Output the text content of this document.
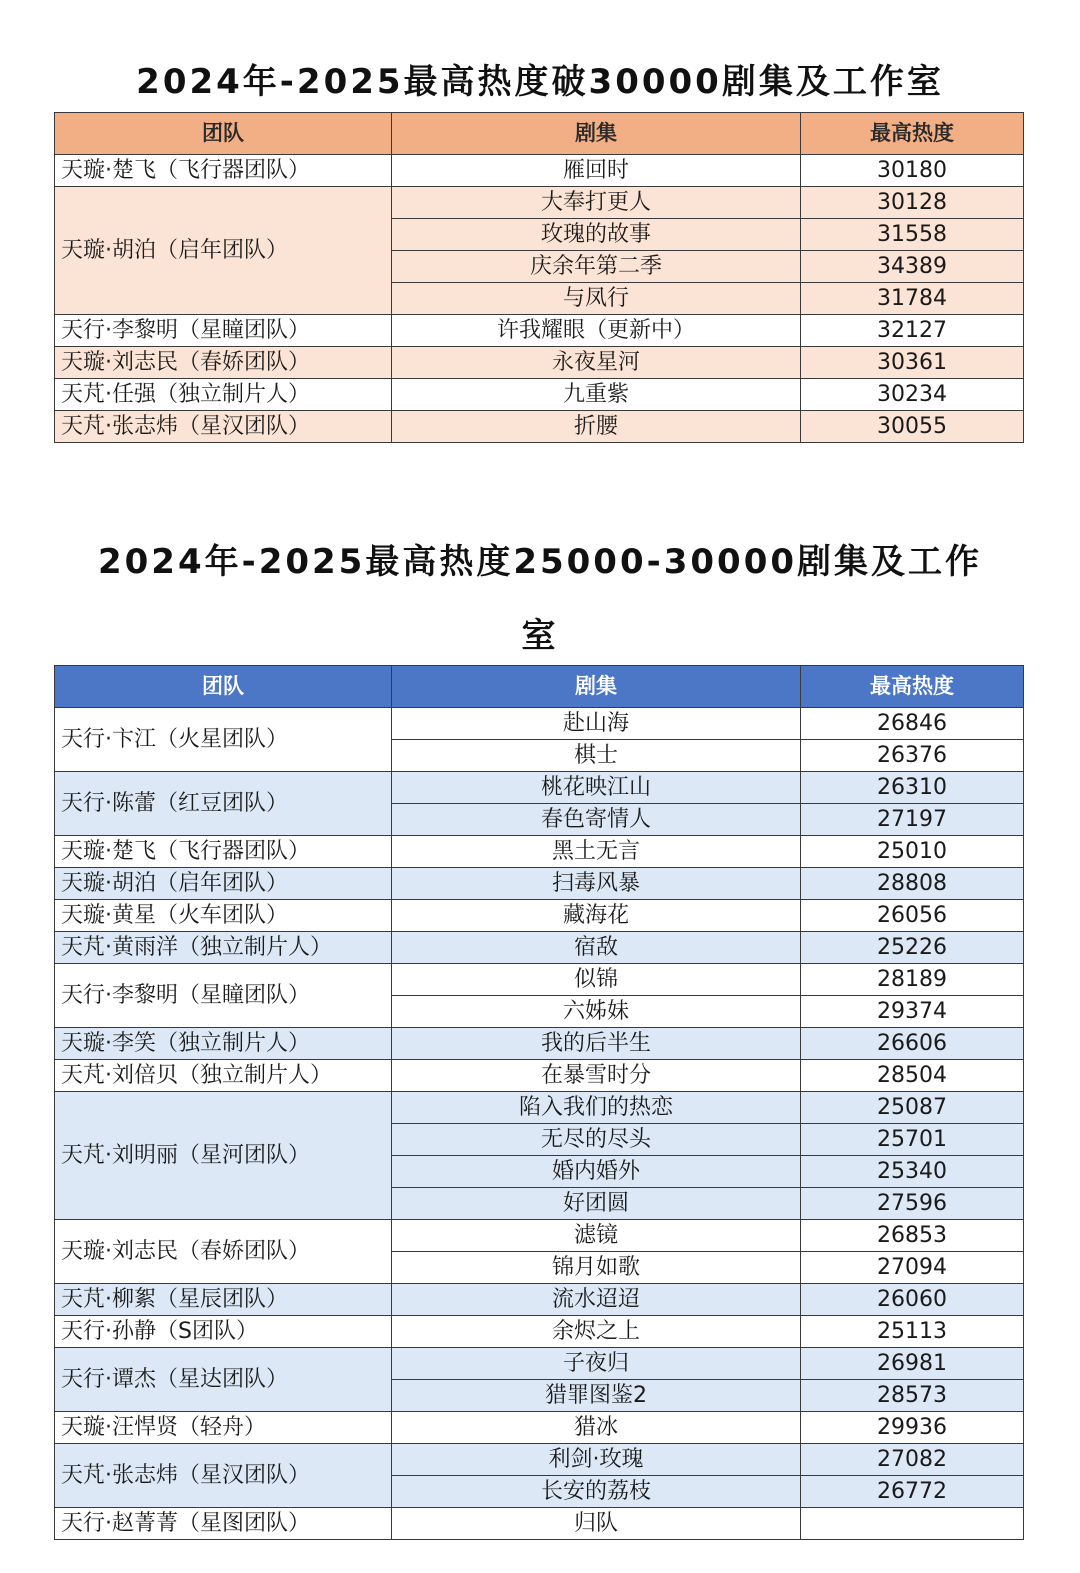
2024年-2025最高热度破30000剧集及工作室
团队	剧集	最高热度
天璇·楚飞（飞行器团队）	雁回时	30180
天璇·胡泊（启年团队）	大奉打更人	30128
	玫瑰的故事	31558
	庆余年第二季	34389
	与凤行	31784
天行·李黎明（星瞳团队）	许我耀眼（更新中）	32127
天璇·刘志民（春娇团队）	永夜星河	30361
天芃·任强（独立制片人）	九重紫	30234
天芃·张志炜（星汉团队）	折腰	30055
2024年-2025最高热度25000-30000剧集及工作
室
团队	剧集	最高热度
天行·卞江（火星团队）	赴山海	26846
	棋士	26376
天行·陈蕾（红豆团队）	桃花映江山	26310
	春色寄情人	27197
天璇·楚飞（飞行器团队）	黑土无言	25010
天璇·胡泊（启年团队）	扫毒风暴	28808
天璇·黄星（火车团队）	藏海花	26056
天芃·黄雨洋（独立制片人）	宿敌	25226
天行·李黎明（星瞳团队）	似锦	28189
	六姊妹	29374
天璇·李笑（独立制片人）	我的后半生	26606
天芃·刘倍贝（独立制片人）	在暴雪时分	28504
天芃·刘明丽（星河团队）	陷入我们的热恋	25087
	无尽的尽头	25701
	婚内婚外	25340
	好团圆	27596
天璇·刘志民（春娇团队）	滤镜	26853
	锦月如歌	27094
天芃·柳絮（星辰团队）	流水迢迢	26060
天行·孙静（S团队）	余烬之上	25113
天行·谭杰（星达团队）	子夜归	26981
	猎罪图鉴2	28573
天璇·汪悍贤（轻舟）	猎冰	29936
天芃·张志炜（星汉团队）	利剑·玫瑰	27082
	长安的荔枝	26772
天行·赵菁菁（星图团队）	归队	
